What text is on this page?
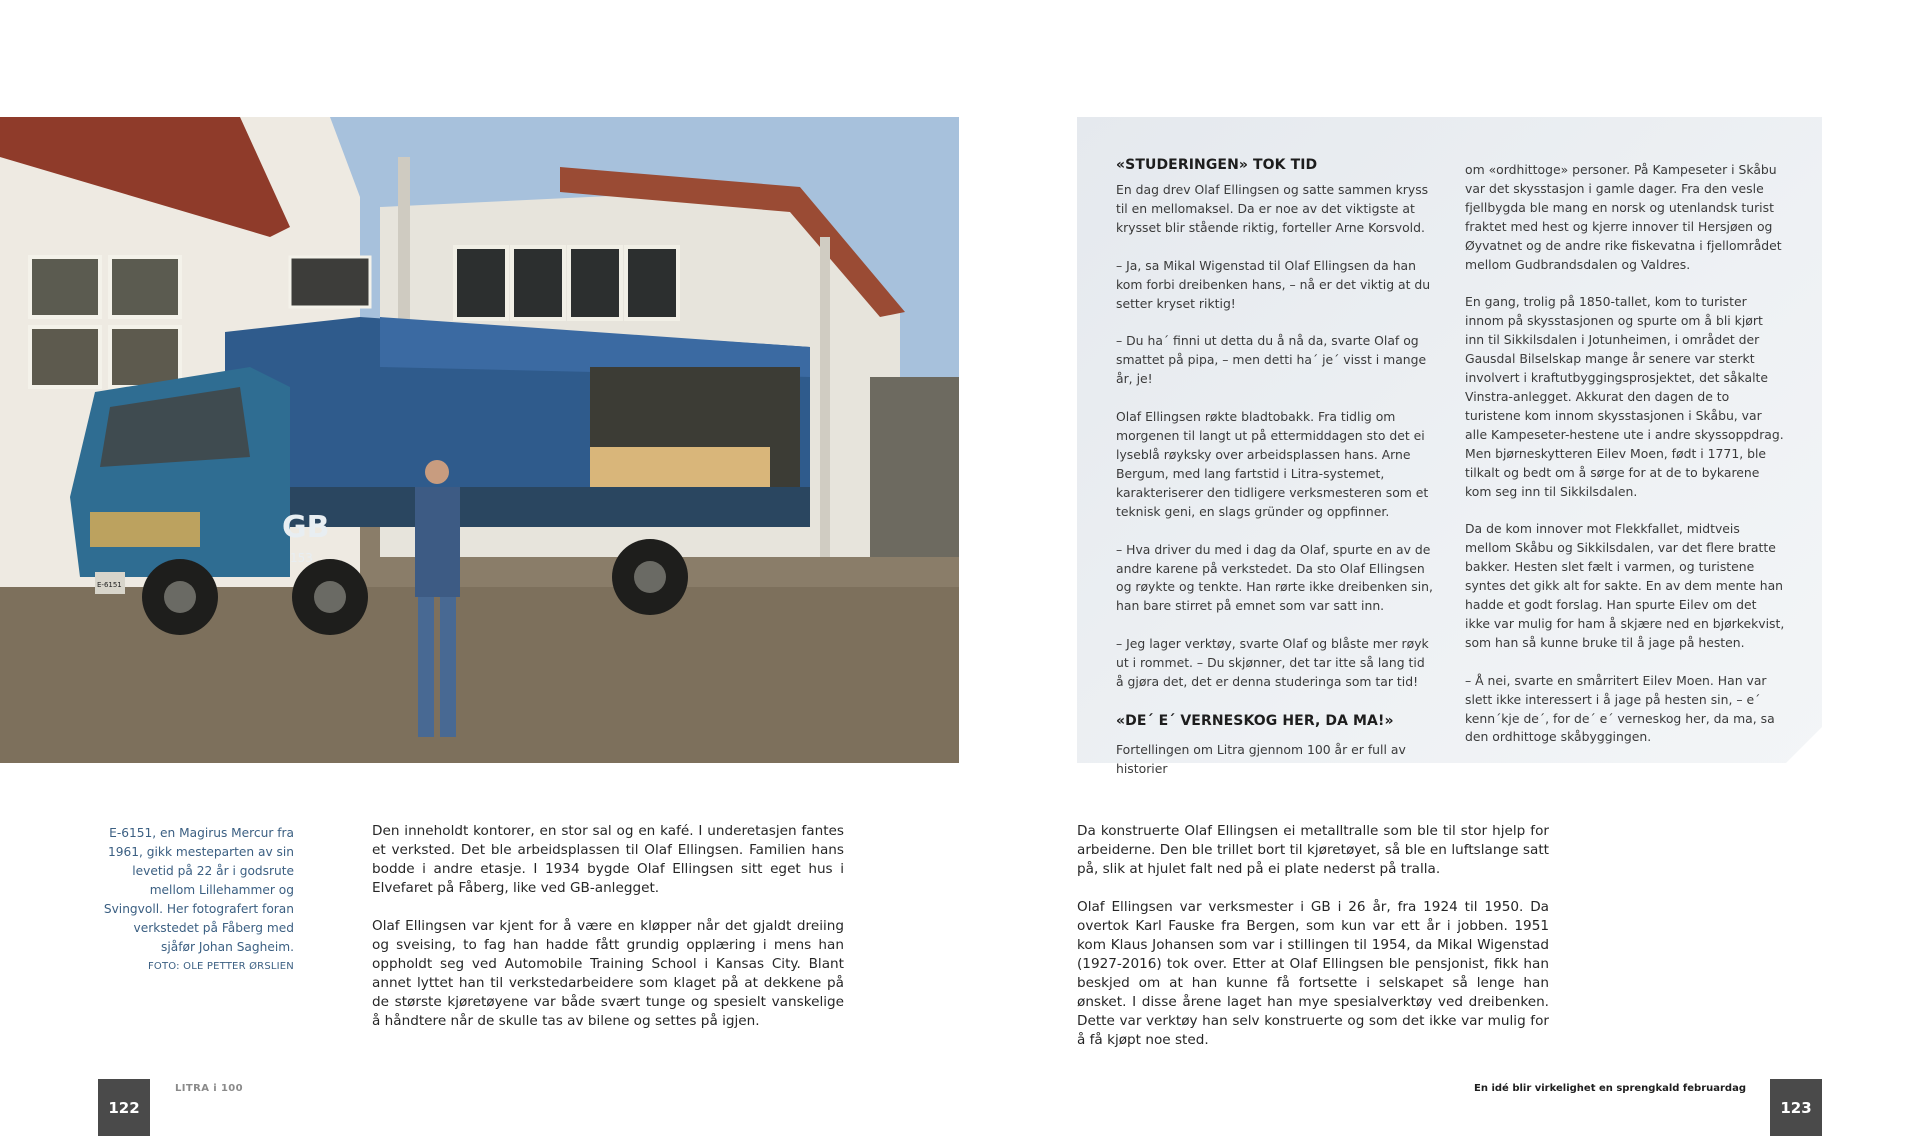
GB
153
E-6151
«STUDERINGEN» TOK TID

En dag drev Olaf Ellingsen og satte sammen kryss til en mellomaksel. Da er noe av det viktigste at krysset blir stående riktig, forteller Arne Korsvold.

– Ja, sa Mikal Wigenstad til Olaf Ellingsen da han kom forbi dreibenken hans, – nå er det viktig at du setter kryset riktig!

– Du ha´ finni ut detta du å nå da, svarte Olaf og smattet på pipa, – men detti ha´ je´ visst i mange år, je!

Olaf Ellingsen røkte bladtobakk. Fra tidlig om morgenen til langt ut på ettermiddagen sto det ei lyseblå røyksky over arbeidsplassen hans. Arne Bergum, med lang fartstid i Litra-systemet, karakteriserer den tidligere verksmesteren som et teknisk geni, en slags gründer og oppfinner.

– Hva driver du med i dag da Olaf, spurte en av de andre karene på verkstedet. Da sto Olaf Ellingsen og røykte og tenkte. Han rørte ikke dreibenken sin, han bare stirret på emnet som var satt inn.

– Jeg lager verktøy, svarte Olaf og blåste mer røyk ut i rommet. – Du skjønner, det tar itte så lang tid å gjøra det, det er denna studeringa som tar tid!

«DE´ E´ VERNESKOG HER, DA MA!»

Fortellingen om Litra gjennom 100 år er full av historier

om «ordhittoge» personer. På Kampeseter i Skåbu var det skysstasjon i gamle dager. Fra den vesle fjellbygda ble mang en norsk og utenlandsk turist fraktet med hest og kjerre innover til Hersjøen og Øyvatnet og de andre rike fiskevatna i fjellområdet mellom Gudbrandsdalen og Valdres.

En gang, trolig på 1850-tallet, kom to turister innom på skysstasjonen og spurte om å bli kjørt inn til Sikkilsdalen i Jotunheimen, i området der Gausdal Bilselskap mange år senere var sterkt involvert i kraftutbyggingsprosjektet, det såkalte Vinstra-anlegget. Akkurat den dagen de to turistene kom innom skysstasjonen i Skåbu, var alle Kampeseter-hestene ute i andre skyssoppdrag. Men bjørneskytteren Eilev Moen, født i 1771, ble tilkalt og bedt om å sørge for at de to bykarene kom seg inn til Sikkilsdalen.

Da de kom innover mot Flekkfallet, midtveis mellom Skåbu og Sikkilsdalen, var det flere bratte bakker. Hesten slet fælt i varmen, og turistene syntes det gikk alt for sakte. En av dem mente han hadde et godt forslag. Han spurte Eilev om det ikke var mulig for ham å skjære ned en bjørkekvist, som han så kunne bruke til å jage på hesten.

– Å nei, svarte en smårritert Eilev Moen. Han var slett ikke interessert i å jage på hesten sin, – e´ kenn´kje de´, for de´ e´ verneskog her, da ma, sa den ordhittoge skåbyggingen.

E-6151, en Magirus Mercur fra 1961, gikk mesteparten av sin levetid på 22 år i godsrute mellom Lillehammer og Svingvoll. Her fotografert foran verkstedet på Fåberg med sjåfør Johan Sagheim.
FOTO: OLE PETTER ØRSLIEN

Den inneholdt kontorer, en stor sal og en kafé. I underetasjen fantes et verksted. Det ble arbeidsplassen til Olaf Ellingsen. Familien hans bodde i andre etasje. I 1934 bygde Olaf Ellingsen sitt eget hus i Elvefaret på Fåberg, like ved GB-anlegget.

Olaf Ellingsen var kjent for å være en kløpper når det gjaldt dreiing og sveising, to fag han hadde fått grundig opplæring i mens han oppholdt seg ved Automobile Training School i Kansas City. Blant annet lyttet han til verkstedarbeidere som klaget på at dekkene på de største kjøretøyene var både svært tunge og spesielt vanskelige å håndtere når de skulle tas av bilene og settes på igjen.

Da konstruerte Olaf Ellingsen ei metalltralle som ble til stor hjelp for arbeiderne. Den ble trillet bort til kjøretøyet, så ble en luftslange satt på, slik at hjulet falt ned på ei plate nederst på tralla.

Olaf Ellingsen var verksmester i GB i 26 år, fra 1924 til 1950. Da overtok Karl Fauske fra Bergen, som kun var ett år i jobben. 1951 kom Klaus Johansen som var i stillingen til 1954, da Mikal Wigenstad (1927-2016) tok over. Etter at Olaf Ellingsen ble pensjonist, fikk han beskjed om at han kunne få fortsette i selskapet så lenge han ønsket. I disse årene laget han mye spesialverktøy ved dreibenken. Dette var verktøy han selv konstruerte og som det ikke var mulig for å få kjøpt noe sted.

122
LITRA i 100	En idé blir virkelighet en sprengkald februardag
123
